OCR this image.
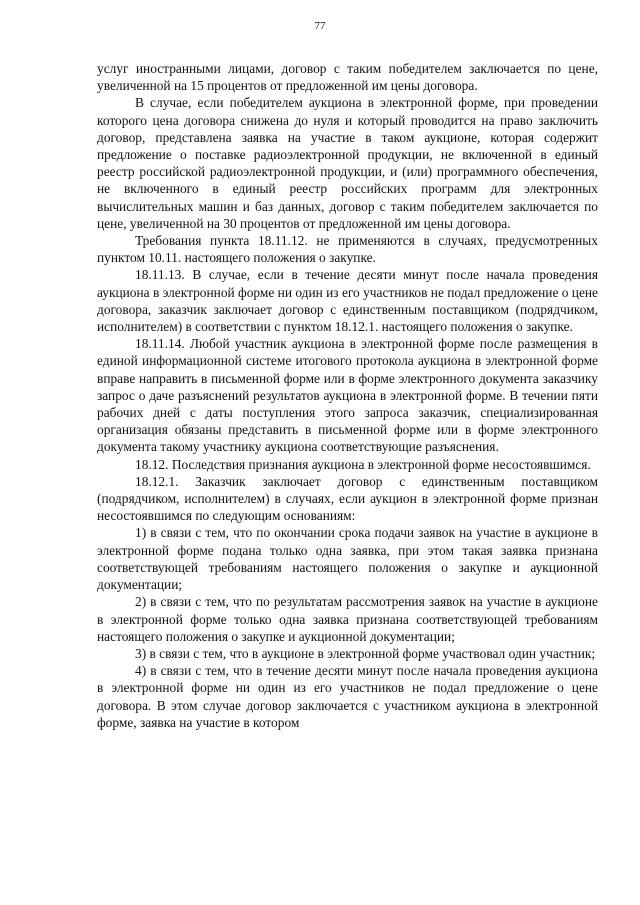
77

услуг иностранными лицами, договор с таким победителем заключается по цене, увеличенной на 15 процентов от предложенной им цены договора.

В случае, если победителем аукциона в электронной форме, при проведении которого цена договора снижена до нуля и который проводится на право заключить договор, представлена заявка на участие в таком аукционе, которая содержит предложение о поставке радиоэлектронной продукции, не включенной в единый реестр российской радиоэлектронной продукции, и (или) программного обеспечения, не включенного в единый реестр российских программ для электронных вычислительных машин и баз данных, договор с таким победителем заключается по цене, увеличенной на 30 процентов от предложенной им цены договора.

Требования пункта 18.11.12. не применяются в случаях, предусмотренных пунктом 10.11. настоящего положения о закупке.

18.11.13. В случае, если в течение десяти минут после начала проведения аукциона в электронной форме ни один из его участников не подал предложение о цене договора, заказчик заключает договор с единственным поставщиком (подрядчиком, исполнителем) в соответствии с пунктом 18.12.1. настоящего положения о закупке.

18.11.14. Любой участник аукциона в электронной форме после размещения в единой информационной системе итогового протокола аукциона в электронной форме вправе направить в письменной форме или в форме электронного документа заказчику запрос о даче разъяснений результатов аукциона в электронной форме. В течении пяти рабочих дней с даты поступления этого запроса заказчик, специализированная организация обязаны представить в письменной форме или в форме электронного документа такому участнику аукциона соответствующие разъяснения.

18.12. Последствия признания аукциона в электронной форме несостоявшимся.

18.12.1. Заказчик заключает договор с единственным поставщиком (подрядчиком, исполнителем) в случаях, если аукцион в электронной форме признан несостоявшимся по следующим основаниям:

1) в связи с тем, что по окончании срока подачи заявок на участие в аукционе в электронной форме подана только одна заявка, при этом такая заявка признана соответствующей требованиям настоящего положения о закупке и аукционной документации;

2) в связи с тем, что по результатам рассмотрения заявок на участие в аукционе в электронной форме только одна заявка признана соответствующей требованиям настоящего положения о закупке и аукционной документации;

3) в связи с тем, что в аукционе в электронной форме участвовал один участник;

4) в связи с тем, что в течение десяти минут после начала проведения аукциона в электронной форме ни один из его участников не подал предложение о цене договора. В этом случае договор заключается с участником аукциона в электронной форме, заявка на участие в котором
